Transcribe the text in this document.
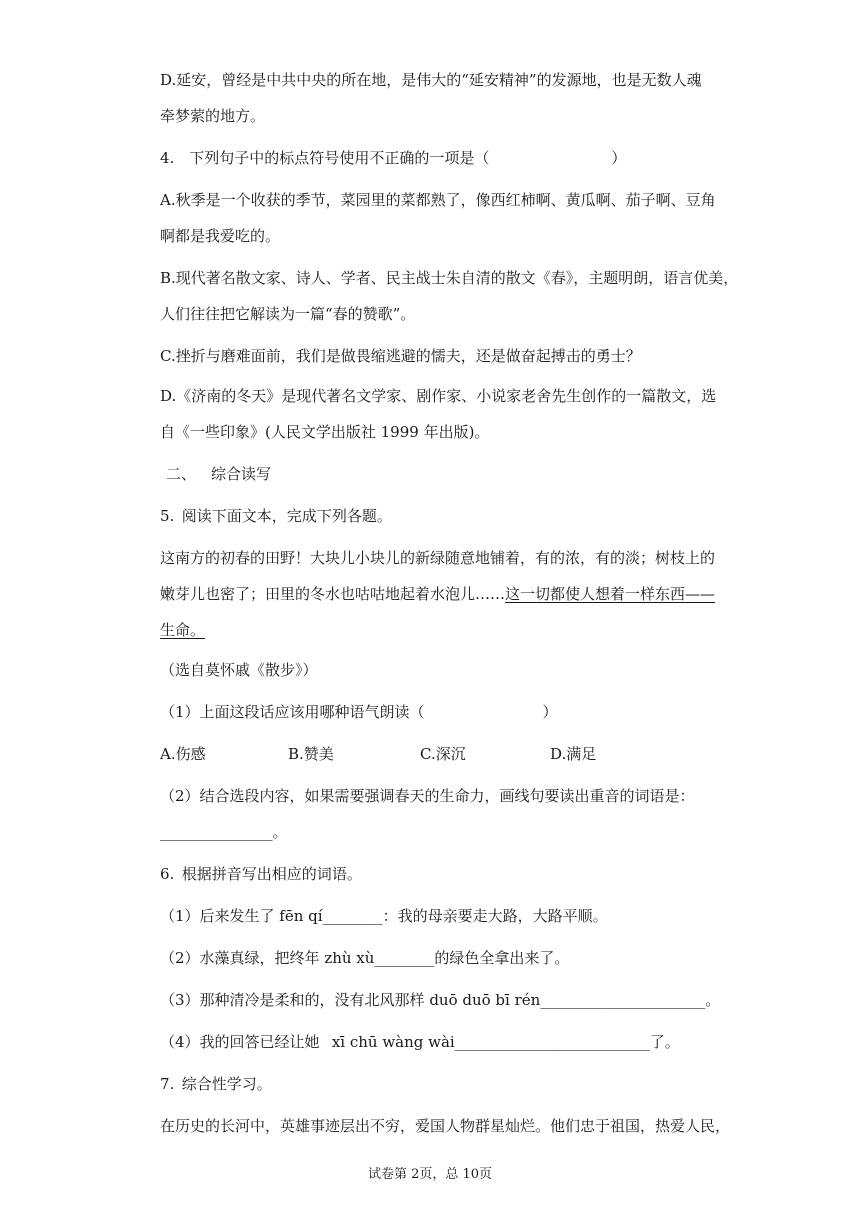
D.延安，曾经是中共中央的所在地，是伟大的“延安精神”的发源地，也是无数人魂
牵梦萦的地方。
4. 下列句子中的标点符号使用不正确的一项是（	）
A.秋季是一个收获的季节，菜园里的菜都熟了，像西红柿啊、黄瓜啊、茄子啊、豆角
啊都是我爱吃的。
B.现代著名散文家、诗人、学者、民主战士朱自清的散文《春》，主题明朗，语言优美，
人们往往把它解读为一篇“春的赞歌”。
C.挫折与磨难面前，我们是做畏缩逃避的懦夫，还是做奋起搏击的勇士？
D.《济南的冬天》是现代著名文学家、剧作家、小说家老舍先生创作的一篇散文，选
自《一些印象》(人民文学出版社 1999 年出版)。
二、 综合读写
5. 阅读下面文本，完成下列各题。
这南方的初春的田野！大块儿小块儿的新绿随意地铺着，有的浓，有的淡；树枝上的
嫩芽儿也密了；田里的冬水也咕咕地起着水泡儿……这一切都使人想着一样东西——
生命。
（选自莫怀戚《散步》）
（1）上面这段话应该用哪种语气朗读（	）
A.伤感	B.赞美	C.深沉	D.满足
（2）结合选段内容，如果需要强调春天的生命力，画线句要读出重音的词语是：
_______________。
6. 根据拼音写出相应的词语。
（1）后来发生了 fēn qí________：我的母亲要走大路，大路平顺。
（2）水藻真绿，把终年 zhù xù________的绿色全拿出来了。
（3）那种清冷是柔和的，没有北风那样 duō duō bī rén______________________。
（4）我的回答已经让她  xī chū wàng wài__________________________了。
7. 综合性学习。
在历史的长河中，英雄事迹层出不穷，爱国人物群星灿烂。他们忠于祖国，热爱人民，
试卷第 2页，总 10页
